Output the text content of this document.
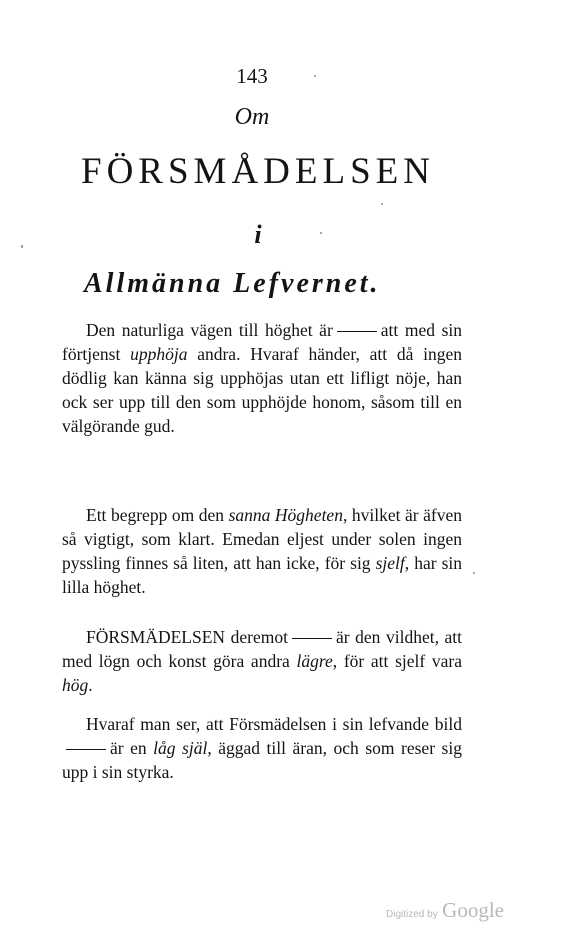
143
Om
FÖRSMÅDELSEN
i
Allmänna Lefvernet.

Den naturliga vägen till höghet är	att med sin förtjenst upphöja andra. Hvaraf händer, att då ingen dödlig kan känna sig upphöjas utan ett lifligt nöje, han ock ser upp till den som upphöjde honom, såsom till en välgörande gud.

Ett begrepp om den sanna Högheten, hvilket är äfven så vigtigt, som klart. Emedan eljest under solen ingen pyssling finnes så liten, att han icke, för sig sjelf, har sin lilla höghet.

FÖRSMÄDELSEN deremot	är den vildhet, att med lögn och konst göra andra lägre, för att sjelf vara hög.

Hvaraf man ser, att Försmädelsen i sin lefvande bildär en låg själ, äggad till äran, och som reser sig upp i sin styrka.

Digitized by Google
